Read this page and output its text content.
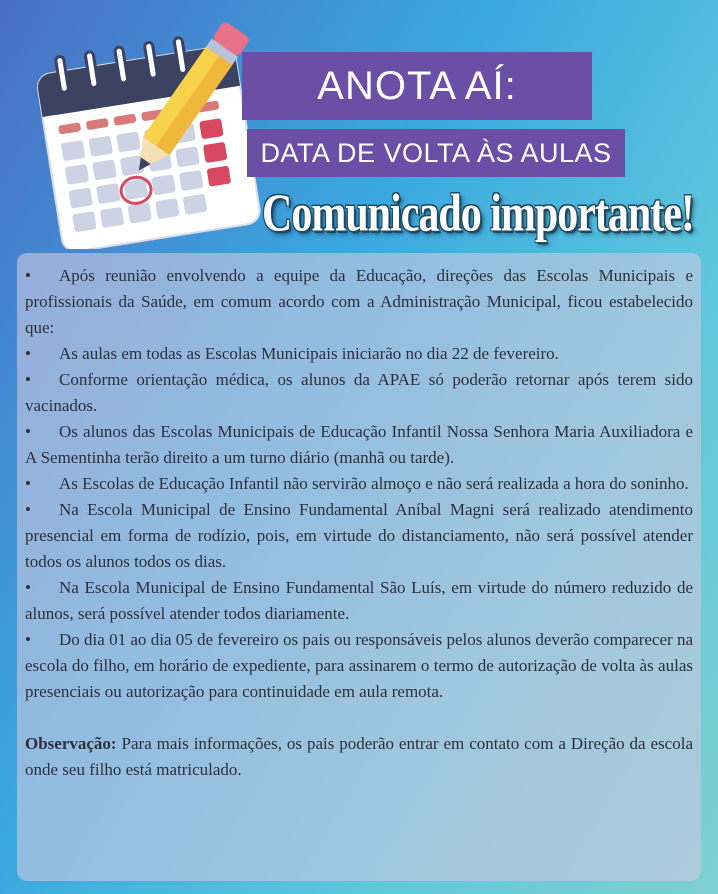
ANOTA AÍ:
DATA DE VOLTA ÀS AULAS
Comunicado importante!

• Após reunião envolvendo a equipe da Educação, direções das Escolas Municipais e profissionais da Saúde, em comum acordo com a Administração Municipal, ficou estabelecido que:

• As aulas em todas as Escolas Municipais iniciarão no dia 22 de fevereiro.

• Conforme orientação médica, os alunos da APAE só poderão retornar após terem sido vacinados.

• Os alunos das Escolas Municipais de Educação Infantil Nossa Senhora Maria Auxiliadora e A Sementinha terão direito a um turno diário (manhã ou tarde).

• As Escolas de Educação Infantil não servirão almoço e não será realizada a hora do soninho.

• Na Escola Municipal de Ensino Fundamental Aníbal Magni será realizado atendimento presencial em forma de rodízio, pois, em virtude do distanciamento, não será possível atender todos os alunos todos os dias.

• Na Escola Municipal de Ensino Fundamental São Luís, em virtude do número reduzido de alunos, será possível atender todos diariamente.

• Do dia 01 ao dia 05 de fevereiro os pais ou responsáveis pelos alunos deverão comparecer na escola do filho, em horário de expediente, para assinarem o termo de autorização de volta às aulas presenciais ou autorização para continuidade em aula remota.

Observação: Para mais informações, os pais poderão entrar em contato com a Direção da escola onde seu filho está matriculado.
